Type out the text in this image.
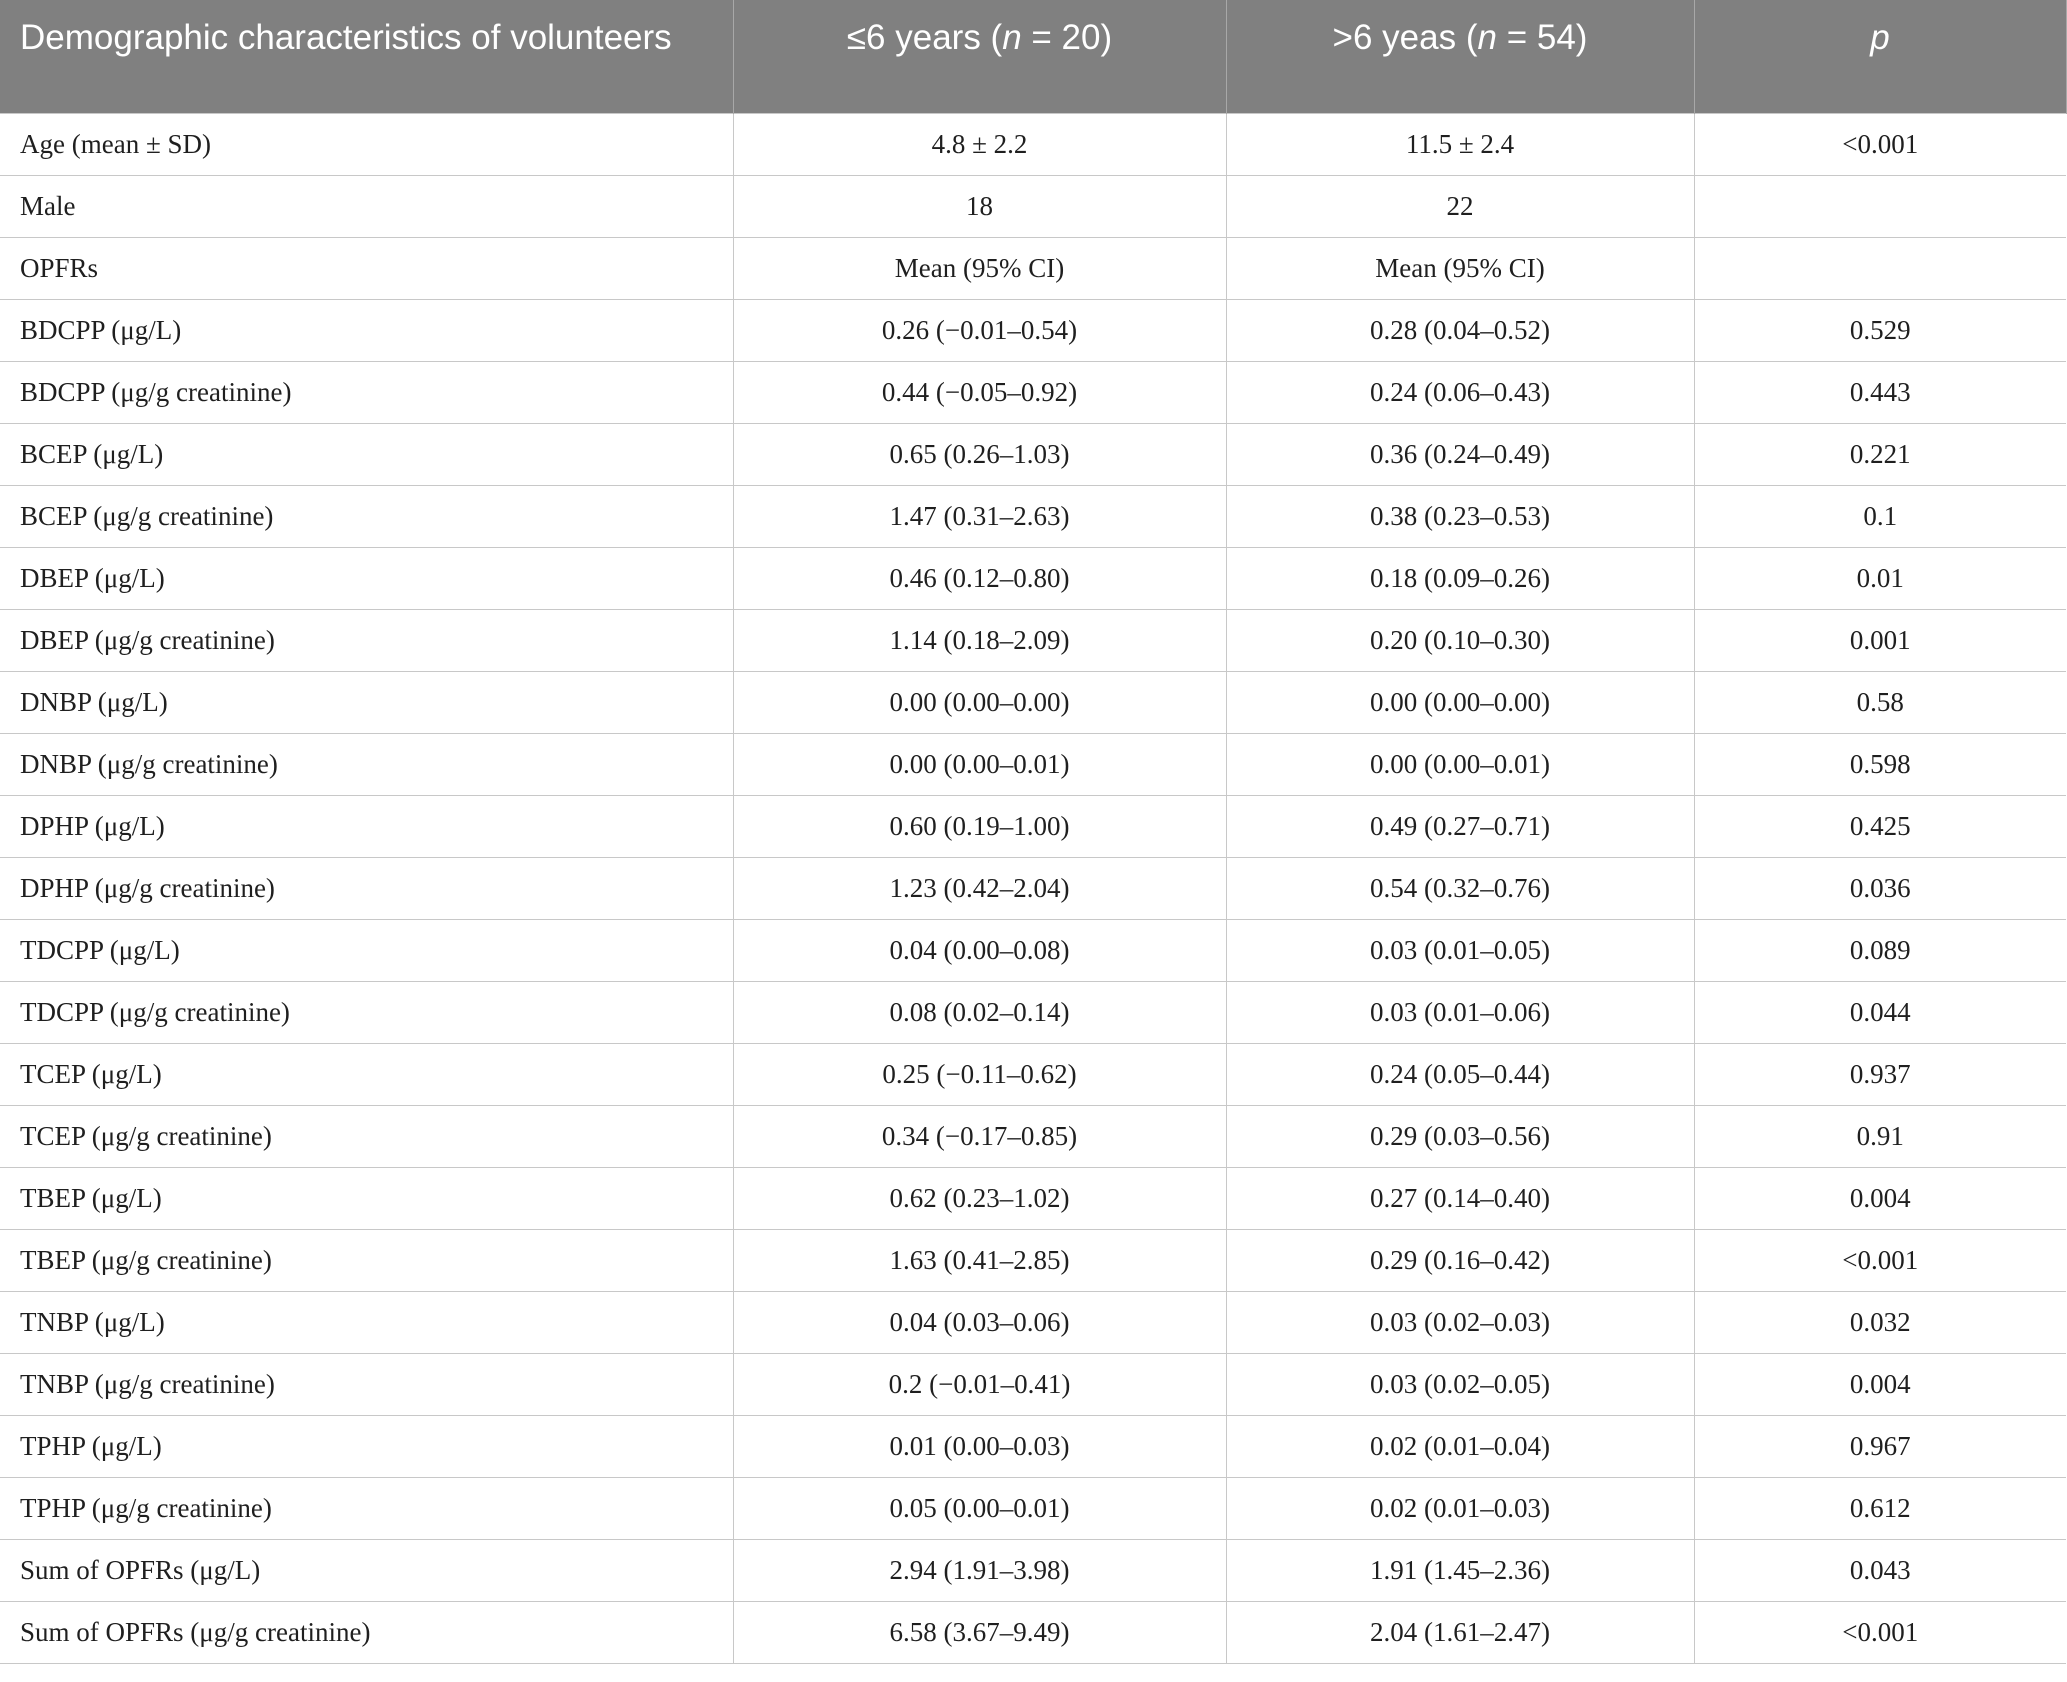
Demographic characteristics of volunteers	≤6 years (n = 20)	>6 yeas (n = 54)	p
Age (mean ± SD)	4.8 ± 2.2	11.5 ± 2.4	<0.001
Male	18	22	
OPFRs	Mean (95% CI)	Mean (95% CI)	
BDCPP (μg/L)	0.26 (−0.01–0.54)	0.28 (0.04–0.52)	0.529
BDCPP (μg/g creatinine)	0.44 (−0.05–0.92)	0.24 (0.06–0.43)	0.443
BCEP (μg/L)	0.65 (0.26–1.03)	0.36 (0.24–0.49)	0.221
BCEP (μg/g creatinine)	1.47 (0.31–2.63)	0.38 (0.23–0.53)	0.1
DBEP (μg/L)	0.46 (0.12–0.80)	0.18 (0.09–0.26)	0.01
DBEP (μg/g creatinine)	1.14 (0.18–2.09)	0.20 (0.10–0.30)	0.001
DNBP (μg/L)	0.00 (0.00–0.00)	0.00 (0.00–0.00)	0.58
DNBP (μg/g creatinine)	0.00 (0.00–0.01)	0.00 (0.00–0.01)	0.598
DPHP (μg/L)	0.60 (0.19–1.00)	0.49 (0.27–0.71)	0.425
DPHP (μg/g creatinine)	1.23 (0.42–2.04)	0.54 (0.32–0.76)	0.036
TDCPP (μg/L)	0.04 (0.00–0.08)	0.03 (0.01–0.05)	0.089
TDCPP (μg/g creatinine)	0.08 (0.02–0.14)	0.03 (0.01–0.06)	0.044
TCEP (μg/L)	0.25 (−0.11–0.62)	0.24 (0.05–0.44)	0.937
TCEP (μg/g creatinine)	0.34 (−0.17–0.85)	0.29 (0.03–0.56)	0.91
TBEP (μg/L)	0.62 (0.23–1.02)	0.27 (0.14–0.40)	0.004
TBEP (μg/g creatinine)	1.63 (0.41–2.85)	0.29 (0.16–0.42)	<0.001
TNBP (μg/L)	0.04 (0.03–0.06)	0.03 (0.02–0.03)	0.032
TNBP (μg/g creatinine)	0.2 (−0.01–0.41)	0.03 (0.02–0.05)	0.004
TPHP (μg/L)	0.01 (0.00–0.03)	0.02 (0.01–0.04)	0.967
TPHP (μg/g creatinine)	0.05 (0.00–0.01)	0.02 (0.01–0.03)	0.612
Sum of OPFRs (μg/L)	2.94 (1.91–3.98)	1.91 (1.45–2.36)	0.043
Sum of OPFRs (μg/g creatinine)	6.58 (3.67–9.49)	2.04 (1.61–2.47)	<0.001
